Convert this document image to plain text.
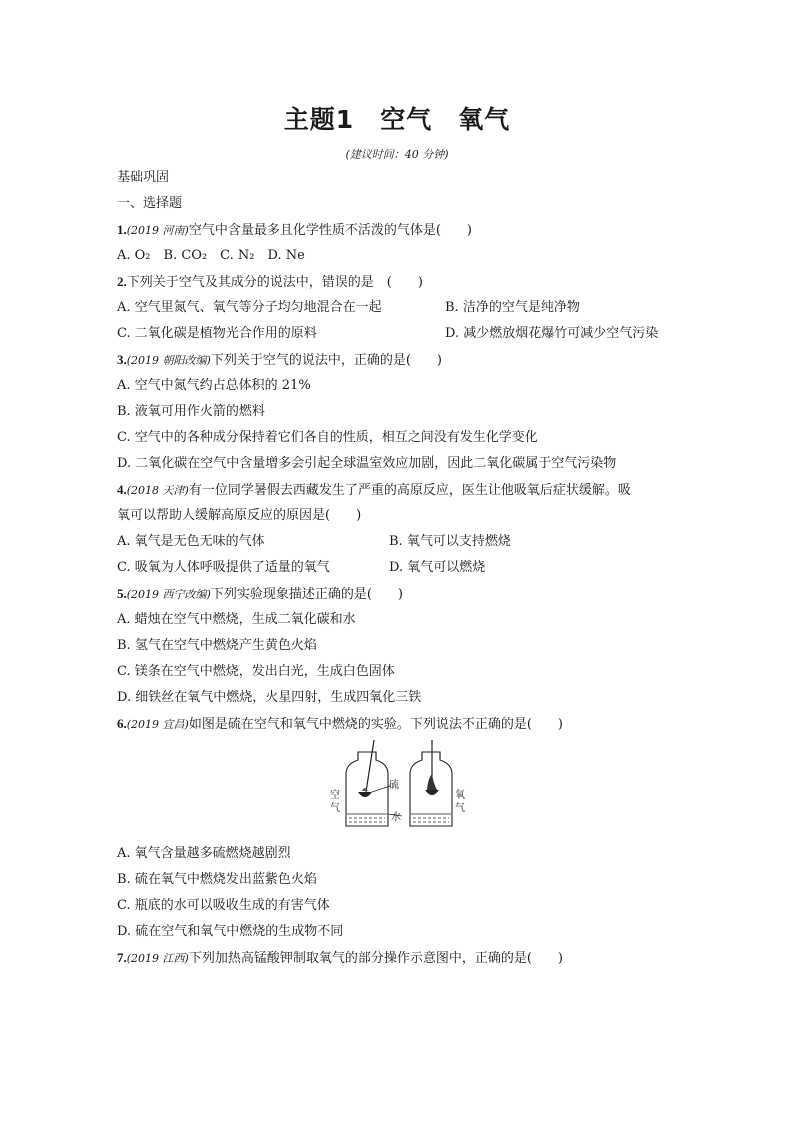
主题1　空气　氧气
(建议时间：40 分钟)
基础巩固
一、选择题
1.(2019 河南)空气中含量最多且化学性质不活泼的气体是(　　)
A. O₂　B. CO₂　C. N₂　D. Ne
2.下列关于空气及其成分的说法中，错误的是　(　　)
A. 空气里氮气、氧气等分子均匀地混合在一起	B. 洁净的空气是纯净物
C. 二氧化碳是植物光合作用的原料	D. 减少燃放烟花爆竹可减少空气污染
3.(2019 朝阳改编)下列关于空气的说法中，正确的是(　　)
A. 空气中氮气约占总体积的 21%
B. 液氧可用作火箭的燃料
C. 空气中的各种成分保持着它们各自的性质，相互之间没有发生化学变化
D. 二氧化碳在空气中含量增多会引起全球温室效应加剧，因此二氧化碳属于空气污染物
4.(2018 天津)有一位同学暑假去西藏发生了严重的高原反应，医生让他吸氧后症状缓解。吸
氧可以帮助人缓解高原反应的原因是(　　)
A. 氧气是无色无味的气体	B. 氧气可以支持燃烧
C. 吸氧为人体呼吸提供了适量的氧气	D. 氧气可以燃烧
5.(2019 西宁改编)下列实验现象描述正确的是(　　)
A. 蜡烛在空气中燃烧，生成二氧化碳和水
B. 氢气在空气中燃烧产生黄色火焰
C. 镁条在空气中燃烧，发出白光，生成白色固体
D. 细铁丝在氧气中燃烧，火星四射，生成四氧化三铁
6.(2019 宜昌)如图是硫在空气和氧气中燃烧的实验。下列说法不正确的是(　　)
空
气
硫
水
氧
气
A. 氧气含量越多硫燃烧越剧烈
B. 硫在氧气中燃烧发出蓝紫色火焰
C. 瓶底的水可以吸收生成的有害气体
D. 硫在空气和氧气中燃烧的生成物不同
7.(2019 江西)下列加热高锰酸钾制取氧气的部分操作示意图中，正确的是(　　)
